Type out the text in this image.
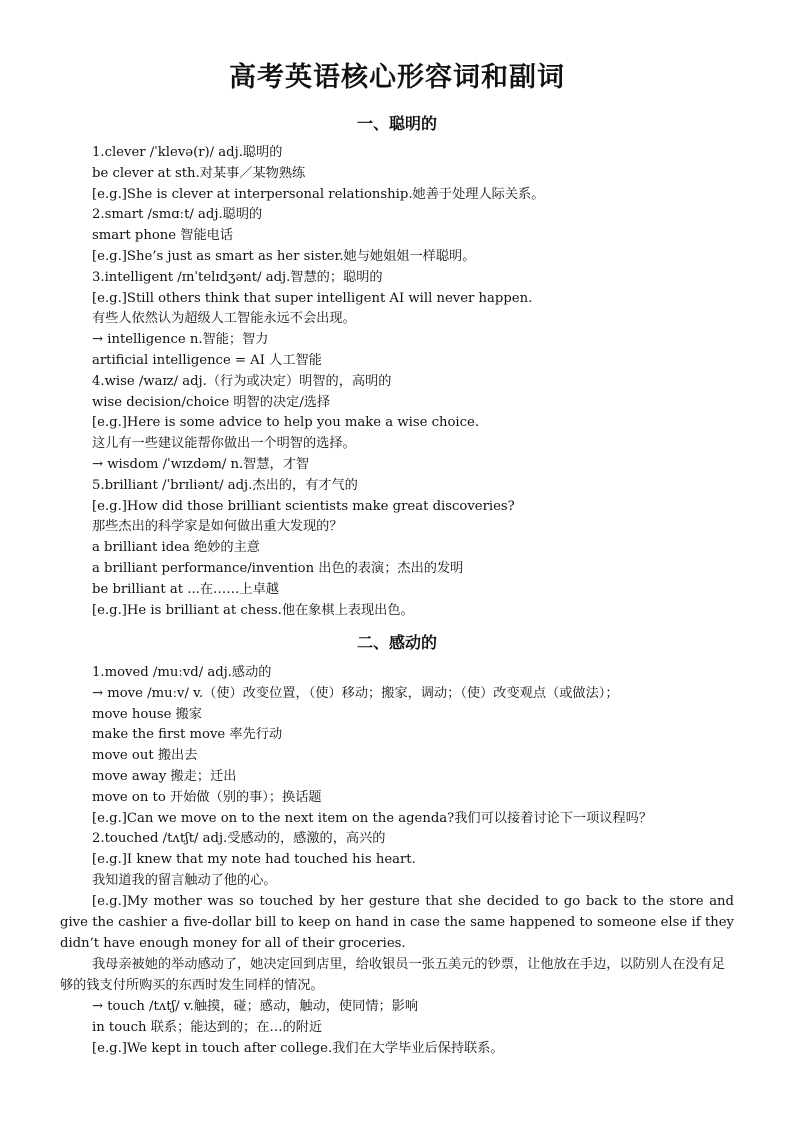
高考英语核心形容词和副词
一、聪明的
1.clever /ˈklevə(r)/ adj.聪明的
be clever at sth.对某事／某物熟练
[e.g.]She is clever at interpersonal relationship.她善于处理人际关系。
2.smart /smɑːt/ adj.聪明的
smart phone 智能电话
[e.g.]She’s just as smart as her sister.她与她姐姐一样聪明。
3.intelligent /ɪnˈtelɪdʒənt/ adj.智慧的；聪明的
[e.g.]Still others think that super intelligent AI will never happen.
有些人依然认为超级人工智能永远不会出现。
→ intelligence n.智能；智力
artificial intelligence = AI 人工智能
4.wise /waɪz/ adj.（行为或决定）明智的，高明的
wise decision/choice 明智的决定/选择
[e.g.]Here is some advice to help you make a wise choice.
这儿有一些建议能帮你做出一个明智的选择。
→ wisdom /ˈwɪzdəm/ n.智慧，才智
5.brilliant /ˈbrɪliənt/ adj.杰出的，有才气的
[e.g.]How did those brilliant scientists make great discoveries?
那些杰出的科学家是如何做出重大发现的？
a brilliant idea 绝妙的主意
a brilliant performance/invention 出色的表演；杰出的发明
be brilliant at ...在……上卓越
[e.g.]He is brilliant at chess.他在象棋上表现出色。
二、感动的
1.moved /muːvd/ adj.感动的
→ move /muːv/ v.（使）改变位置，（使）移动；搬家，调动；（使）改变观点（或做法）；
move house 搬家
make the first move 率先行动
move out 搬出去
move away 搬走；迁出
move on to 开始做（别的事）；换话题
[e.g.]Can we move on to the next item on the agenda?我们可以接着讨论下一项议程吗？
2.touched /tʌtʃt/ adj.受感动的，感激的，高兴的
[e.g.]I knew that my note had touched his heart.
我知道我的留言触动了他的心。
[e.g.]My mother was so touched by her gesture that she decided to go back to the store and give the cashier a five-dollar bill to keep on hand in case the same happened to someone else if they didn’t have enough money for all of their groceries.
我母亲被她的举动感动了，她决定回到店里，给收银员一张五美元的钞票，让他放在手边，以防别人在没有足够的钱支付所购买的东西时发生同样的情况。
→ touch /tʌtʃ/ v.触摸，碰；感动，触动，使同情；影响
in touch 联系；能达到的；在…的附近
[e.g.]We kept in touch after college.我们在大学毕业后保持联系。
